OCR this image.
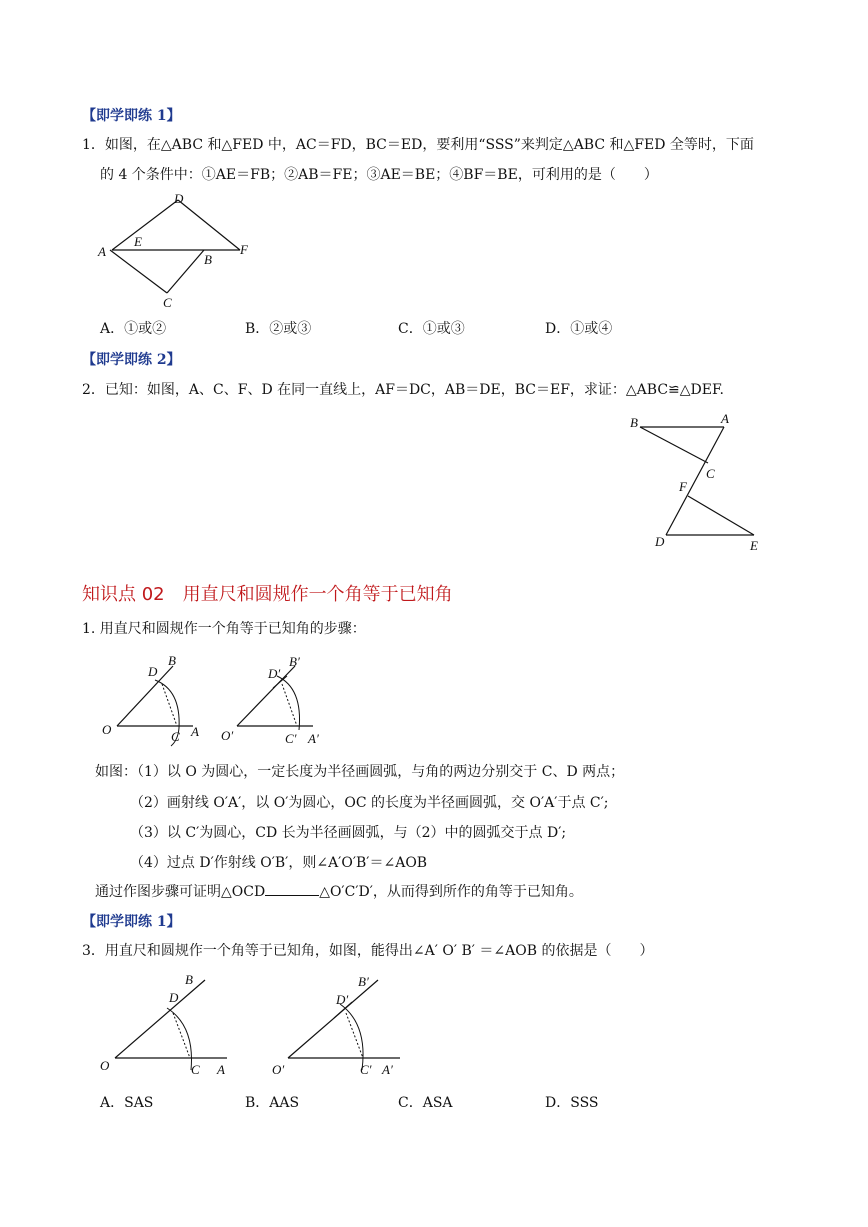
【即学即练 1】
1．如图，在△ABC 和△FED 中，AC＝FD，BC＝ED，要利用“SSS”来判定△ABC 和△FED 全等时，下面
的 4 个条件中：①AE＝FB；②AB＝FE；③AE＝BE；④BF＝BE，可利用的是（　　）
D
E
A	F
B
C
A．①或②	B．②或③	C．①或③	D．①或④
【即学即练 2】
2．已知：如图，A、C、F、D 在同一直线上，AF＝DC，AB＝DE，BC＝EF，求证：△ABC≌△DEF.
B	A
C
F
D	E
知识点 02　用直尺和圆规作一个角等于已知角
1. 用直尺和圆规作一个角等于已知角的步骤：
D
B
O	C A
D′
B′
O′	C′ A′
如图：（1）以 O 为圆心，一定长度为半径画圆弧，与角的两边分别交于 C、D 两点；
（2）画射线 O′A′，以 O′为圆心，OC 的长度为半径画圆弧，交 O′A′于点 C′;
（3）以 C′为圆心，CD 长为半径画圆弧，与（2）中的圆弧交于点 D′;
（4）过点 D′作射线 O′B′，则∠A′O′B′＝∠AOB
通过作图步骤可证明△OCD	△O′C′D′，从而得到所作的角等于已知角。
【即学即练 1】
3．用直尺和圆规作一个角等于已知角，如图，能得出∠A′ O′ B′ ＝∠AOB 的依据是（　　）
B
D
O	C A
B′
D′
O′	C′ A′
A．SAS	B．AAS	C．ASA	D．SSS
